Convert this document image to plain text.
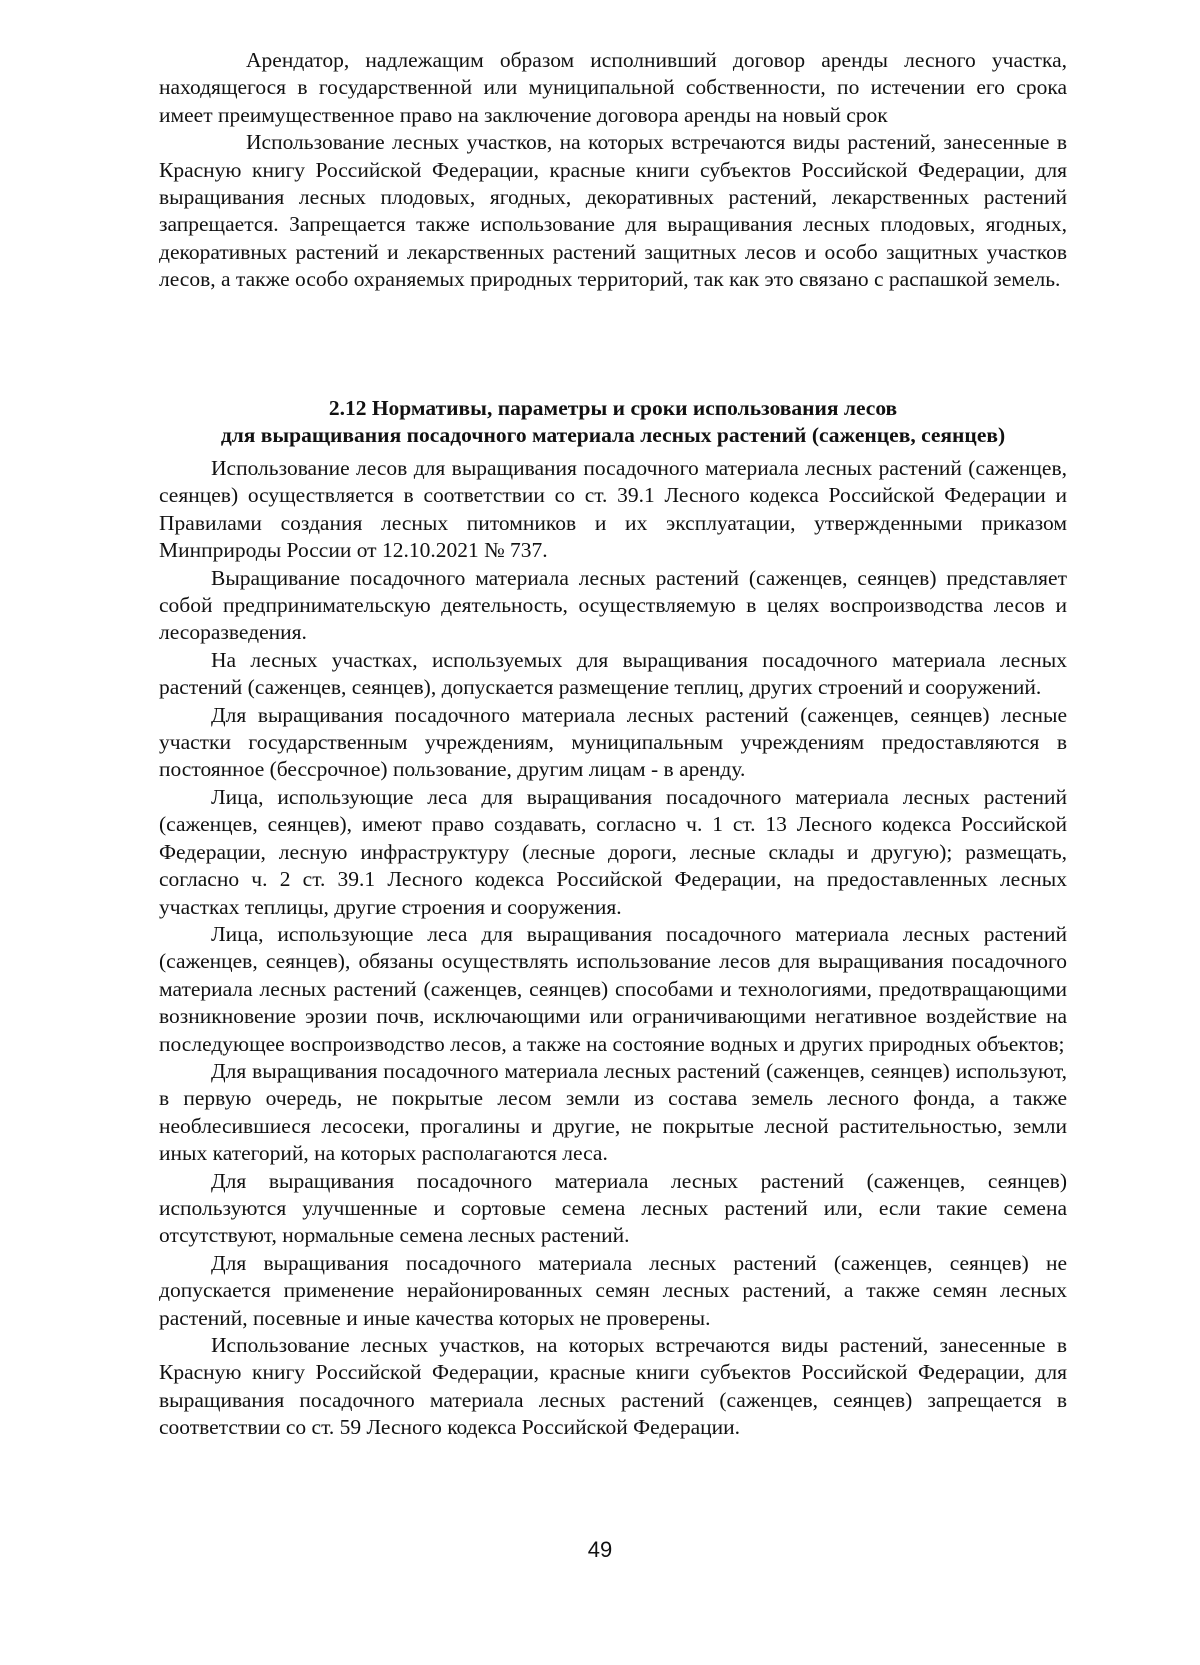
Арендатор, надлежащим образом исполнивший договор аренды лесного участка, находящегося в государственной или муниципальной собственности, по истечении его срока имеет преимущественное право на заключение договора аренды на новый срок

Использование лесных участков, на которых встречаются виды растений, занесенные в Красную книгу Российской Федерации, красные книги субъектов Российской Федерации, для выращивания лесных плодовых, ягодных, декоративных растений, лекарственных растений запрещается. Запрещается также использование для выращивания лесных плодовых, ягодных, декоративных растений и лекарственных растений защитных лесов и особо защитных участков лесов, а также особо охраняемых природных территорий, так как это связано с распашкой земель.

2.12 Нормативы, параметры и сроки использования лесов
для выращивания посадочного материала лесных растений (саженцев, сеянцев)

Использование лесов для выращивания посадочного материала лесных растений (саженцев, сеянцев) осуществляется в соответствии со ст. 39.1 Лесного кодекса Российской Федерации и Правилами создания лесных питомников и их эксплуатации, утвержденными приказом Минприроды России от 12.10.2021 № 737.

Выращивание посадочного материала лесных растений (саженцев, сеянцев) представляет собой предпринимательскую деятельность, осуществляемую в целях воспроизводства лесов и лесоразведения.

На лесных участках, используемых для выращивания посадочного материала лесных растений (саженцев, сеянцев), допускается размещение теплиц, других строений и сооружений.

Для выращивания посадочного материала лесных растений (саженцев, сеянцев) лесные участки государственным учреждениям, муниципальным учреждениям предоставляются в постоянное (бессрочное) пользование, другим лицам - в аренду.

Лица, использующие леса для выращивания посадочного материала лесных растений (саженцев, сеянцев), имеют право создавать, согласно ч. 1 ст. 13 Лесного кодекса Российской Федерации, лесную инфраструктуру (лесные дороги, лесные склады и другую); размещать, согласно ч. 2 ст. 39.1 Лесного кодекса Российской Федерации, на предоставленных лесных участках теплицы, другие строения и сооружения.

Лица, использующие леса для выращивания посадочного материала лесных растений (саженцев, сеянцев), обязаны осуществлять использование лесов для выращивания посадочного материала лесных растений (саженцев, сеянцев) способами и технологиями, предотвращающими возникновение эрозии почв, исключающими или ограничивающими негативное воздействие на последующее воспроизводство лесов, а также на состояние водных и других природных объектов;

Для выращивания посадочного материала лесных растений (саженцев, сеянцев) используют, в первую очередь, не покрытые лесом земли из состава земель лесного фонда, а также необлесившиеся лесосеки, прогалины и другие, не покрытые лесной растительностью, земли иных категорий, на которых располагаются леса.

Для выращивания посадочного материала лесных растений (саженцев, сеянцев) используются улучшенные и сортовые семена лесных растений или, если такие семена отсутствуют, нормальные семена лесных растений.

Для выращивания посадочного материала лесных растений (саженцев, сеянцев) не допускается применение нерайонированных семян лесных растений, а также семян лесных растений, посевные и иные качества которых не проверены.

Использование лесных участков, на которых встречаются виды растений, занесенные в Красную книгу Российской Федерации, красные книги субъектов Российской Федерации, для выращивания посадочного материала лесных растений (саженцев, сеянцев) запрещается в соответствии со ст. 59 Лесного кодекса Российской Федерации.

49
